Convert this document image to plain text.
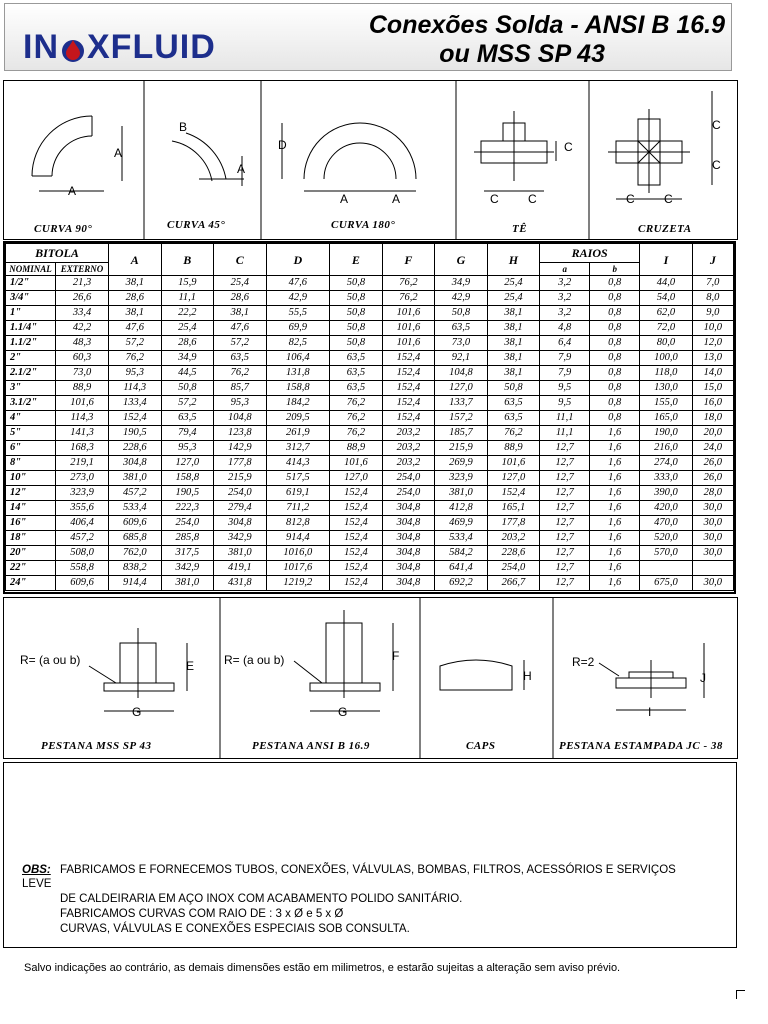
IN XFLUID
Conexões Solda - ANSI B 16.9
ou MSS SP 43
A
A
B
A
D
A	A
C
C C
C
C
C C
CURVA 90°	CURVA 45°	CURVA 180°	TÊ	CRUZETA
BITOLA		A	B	C	D	E	F	G	H	RAIOS		I	J
NOMINAL	EXTERNO									a	b		
1/2"	21,3	38,1	15,9	25,4	47,6	50,8	76,2	34,9	25,4	3,2	0,8	44,0	7,0
3/4"	26,6	28,6	11,1	28,6	42,9	50,8	76,2	42,9	25,4	3,2	0,8	54,0	8,0
1"	33,4	38,1	22,2	38,1	55,5	50,8	101,6	50,8	38,1	3,2	0,8	62,0	9,0
1.1/4"	42,2	47,6	25,4	47,6	69,9	50,8	101,6	63,5	38,1	4,8	0,8	72,0	10,0
1.1/2"	48,3	57,2	28,6	57,2	82,5	50,8	101,6	73,0	38,1	6,4	0,8	80,0	12,0
2"	60,3	76,2	34,9	63,5	106,4	63,5	152,4	92,1	38,1	7,9	0,8	100,0	13,0
2.1/2"	73,0	95,3	44,5	76,2	131,8	63,5	152,4	104,8	38,1	7,9	0,8	118,0	14,0
3"	88,9	114,3	50,8	85,7	158,8	63,5	152,4	127,0	50,8	9,5	0,8	130,0	15,0
3.1/2"	101,6	133,4	57,2	95,3	184,2	76,2	152,4	133,7	63,5	9,5	0,8	155,0	16,0
4"	114,3	152,4	63,5	104,8	209,5	76,2	152,4	157,2	63,5	11,1	0,8	165,0	18,0
5"	141,3	190,5	79,4	123,8	261,9	76,2	203,2	185,7	76,2	11,1	1,6	190,0	20,0
6"	168,3	228,6	95,3	142,9	312,7	88,9	203,2	215,9	88,9	12,7	1,6	216,0	24,0
8"	219,1	304,8	127,0	177,8	414,3	101,6	203,2	269,9	101,6	12,7	1,6	274,0	26,0
10"	273,0	381,0	158,8	215,9	517,5	127,0	254,0	323,9	127,0	12,7	1,6	333,0	26,0
12"	323,9	457,2	190,5	254,0	619,1	152,4	254,0	381,0	152,4	12,7	1,6	390,0	28,0
14"	355,6	533,4	222,3	279,4	711,2	152,4	304,8	412,8	165,1	12,7	1,6	420,0	30,0
16"	406,4	609,6	254,0	304,8	812,8	152,4	304,8	469,9	177,8	12,7	1,6	470,0	30,0
18"	457,2	685,8	285,8	342,9	914,4	152,4	304,8	533,4	203,2	12,7	1,6	520,0	30,0
20"	508,0	762,0	317,5	381,0	1016,0	152,4	304,8	584,2	228,6	12,7	1,6	570,0	30,0
22"	558,8	838,2	342,9	419,1	1017,6	152,4	304,8	641,4	254,0	12,7	1,6		
24"	609,6	914,4	381,0	431,8	1219,2	152,4	304,8	692,2	266,7	12,7	1,6	675,0	30,0
R= (a ou b)	E
G
R= (a ou b)	F
G
H
R=2
J
I
PESTANA MSS SP 43	PESTANA ANSI B 16.9	CAPS	PESTANA ESTAMPADA JC - 38
OBS: FABRICAMOS E FORNECEMOS TUBOS, CONEXÕES, VÁLVULAS, BOMBAS, FILTROS, ACESSÓRIOS E SERVIÇOS
LEVE
DE CALDEIRARIA EM AÇO INOX COM ACABAMENTO POLIDO SANITÁRIO.
FABRICAMOS CURVAS COM RAIO DE : 3 x Ø e 5 x Ø
CURVAS, VÁLVULAS E CONEXÕES ESPECIAIS SOB CONSULTA.
Salvo indicações ao contrário, as demais dimensões estão em milimetros, e estarão sujeitas a alteração sem aviso prévio.
